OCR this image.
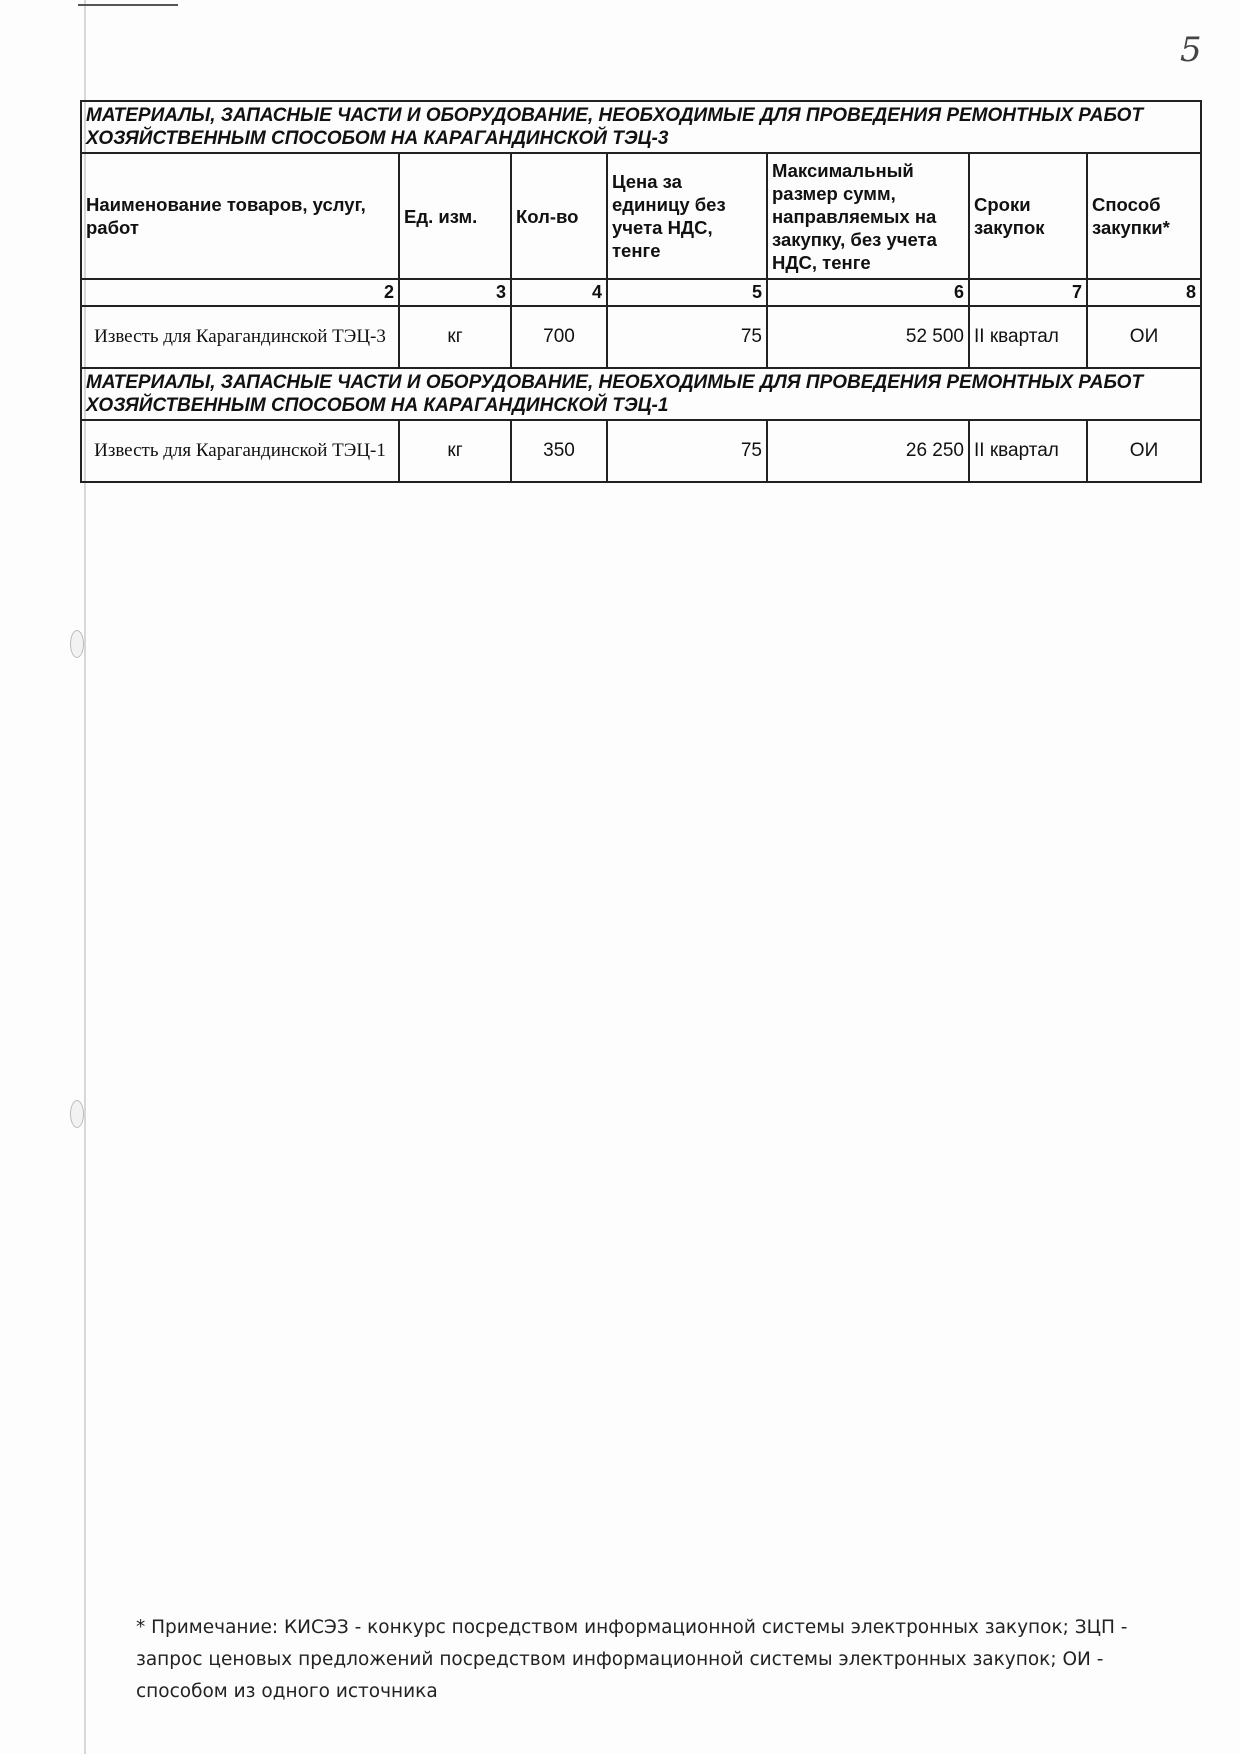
5
МАТЕРИАЛЫ, ЗАПАСНЫЕ ЧАСТИ И ОБОРУДОВАНИЕ, НЕОБХОДИМЫЕ ДЛЯ ПРОВЕДЕНИЯ РЕМОНТНЫХ РАБОТ ХОЗЯЙСТВЕННЫМ СПОСОБОМ НА КАРАГАНДИНСКОЙ ТЭЦ-3						
Наименование товаров, услуг, работ	Ед. изм.	Кол-во	Цена за единицу без учета НДС, тенге	Максимальный размер сумм, направляемых на закупку, без учета НДС, тенге	Сроки закупок	Способ закупки*
2	3	4	5	6	7	8
Известь для Карагандинской ТЭЦ-3	кг	700	75	52 500	II квартал	ОИ
МАТЕРИАЛЫ, ЗАПАСНЫЕ ЧАСТИ И ОБОРУДОВАНИЕ, НЕОБХОДИМЫЕ ДЛЯ ПРОВЕДЕНИЯ РЕМОНТНЫХ РАБОТ ХОЗЯЙСТВЕННЫМ СПОСОБОМ НА КАРАГАНДИНСКОЙ ТЭЦ-1						
Известь для Карагандинской ТЭЦ-1	кг	350	75	26 250	II квартал	ОИ
* Примечание: КИСЭЗ - конкурс посредством информационной системы электронных закупок; ЗЦП - запрос ценовых предложений посредством информационной системы электронных закупок; ОИ - способом из одного источника
